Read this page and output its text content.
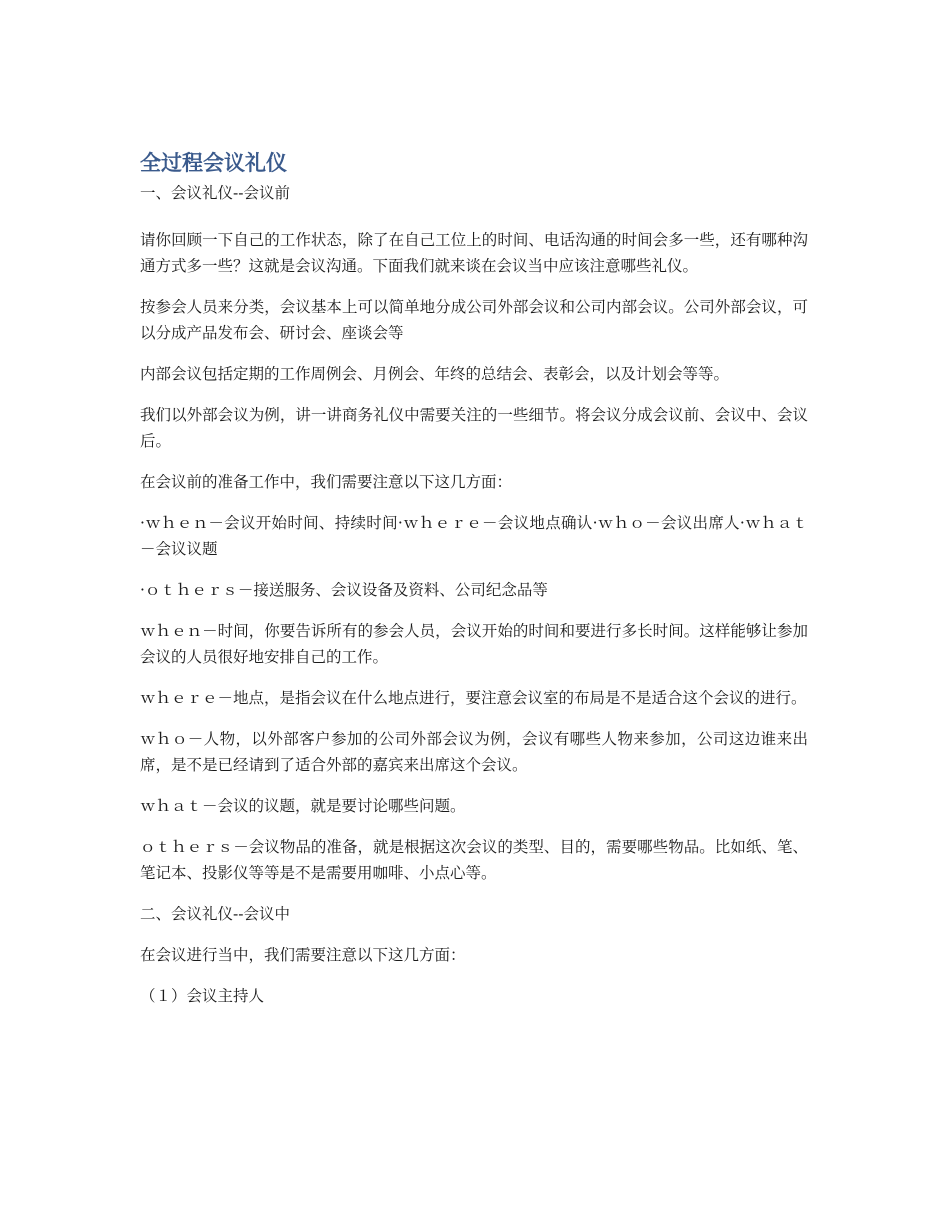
全过程会议礼仪
一、会议礼仪--会议前

请你回顾一下自己的工作状态，除了在自己工位上的时间、电话沟通的时间会多一些，还有哪种沟通方式多一些？这就是会议沟通。下面我们就来谈在会议当中应该注意哪些礼仪。

按参会人员来分类，会议基本上可以简单地分成公司外部会议和公司内部会议。公司外部会议，可以分成产品发布会、研讨会、座谈会等

内部会议包括定期的工作周例会、月例会、年终的总结会、表彰会，以及计划会等等。

我们以外部会议为例，讲一讲商务礼仪中需要关注的一些细节。将会议分成会议前、会议中、会议后。

在会议前的准备工作中，我们需要注意以下这几方面：

·ｗｈｅｎ－会议开始时间、持续时间·ｗｈｅｒｅ－会议地点确认·ｗｈｏ－会议出席人·ｗｈａｔ－会议议题

·ｏｔｈｅｒｓ－接送服务、会议设备及资料、公司纪念品等

ｗｈｅｎ－时间，你要告诉所有的参会人员，会议开始的时间和要进行多长时间。这样能够让参加会议的人员很好地安排自己的工作。

ｗｈｅｒｅ－地点，是指会议在什么地点进行，要注意会议室的布局是不是适合这个会议的进行。

ｗｈｏ－人物，以外部客户参加的公司外部会议为例，会议有哪些人物来参加，公司这边谁来出席，是不是已经请到了适合外部的嘉宾来出席这个会议。

ｗｈａｔ－会议的议题，就是要讨论哪些问题。

ｏｔｈｅｒｓ－会议物品的准备，就是根据这次会议的类型、目的，需要哪些物品。比如纸、笔、笔记本、投影仪等等是不是需要用咖啡、小点心等。

二、会议礼仪--会议中

在会议进行当中，我们需要注意以下这几方面：

（１）会议主持人
